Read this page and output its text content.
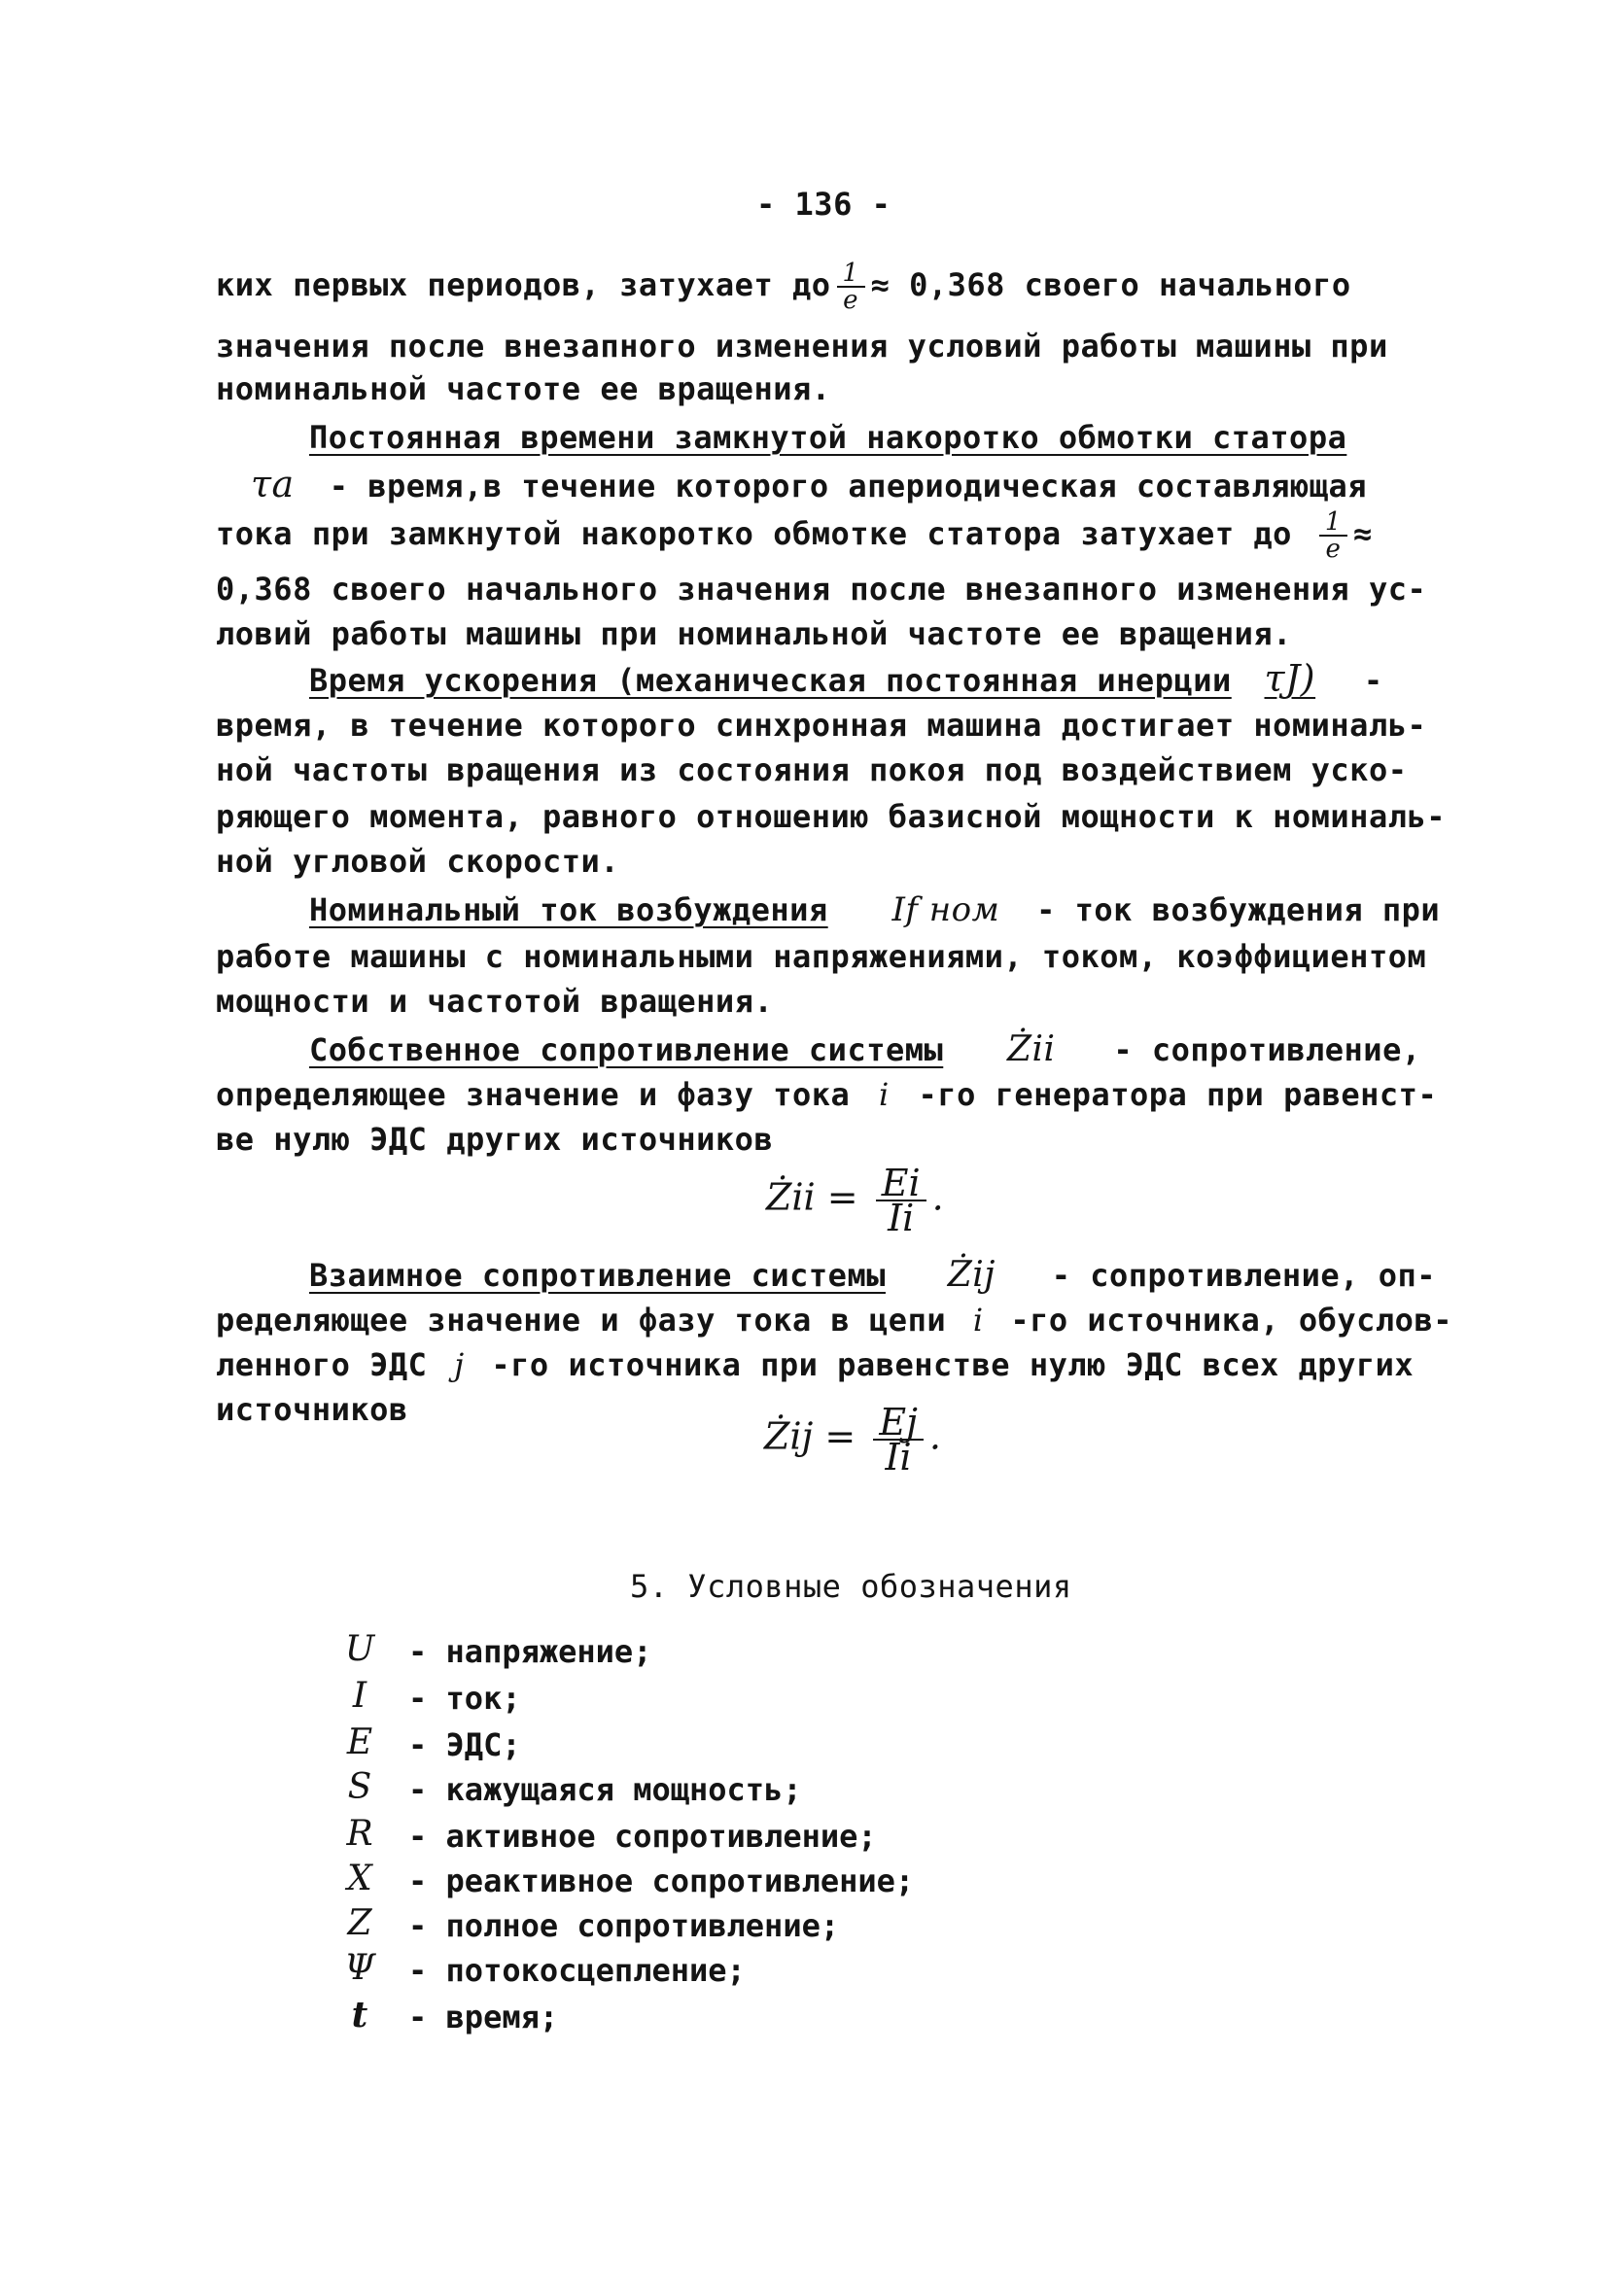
- 136 -
ких первых периодов, затухает до $\frac{1}{e} \approx 0,368$ своего начального
значения после внезапного изменения условий работы машины при
номинальной частоте ее вращения.
Постоянная времени замкнутой накоротко обмотки статора
τa - время,в течение которого апериодическая составляющая
тока при замкнутой накоротко обмотке статора затухает до $\frac{1}{e}$ ≈
0,368 своего начального значения после внезапного изменения ус-
ловий работы машины при номинальной частоте ее вращения.
Время ускорения (механическая постоянная инерции τJ) -
время, в течение которого синхронная машина достигает номиналь-
ной частоты вращения из состояния покоя под воздействием уско-
ряющего момента, равного отношению базисной мощности к номиналь-
ной угловой скорости.
Номинальный ток возбуждения If ном - ток возбуждения при
работе машины с номинальными напряжениями, током, коэффициентом
мощности и частотой вращения.
Собственное сопротивление системы Żii - сопротивление,
определяющее значение и фазу тока i -го генератора при равенст-
ве нулю ЭДС других источников
Żii = $\frac{Ei}{Ii}$ .
Взаимное сопротивление системы Żij - сопротивление, оп-
ределяющее значение и фазу тока в цепи i -го источника, обуслов-
ленного ЭДС j -го источника при равенстве нулю ЭДС всех других
источников
Żij = $\frac{Ej}{Ii}$ .
5. Условные обозначения
U - напряжение;
I	- ток;
E - ЭДС;
S - кажущаяся мощность;
R - активное сопротивление;
X - реактивное сопротивление;
Z - полное сопротивление;
Ψ - потокосцепление;
t	- время;
